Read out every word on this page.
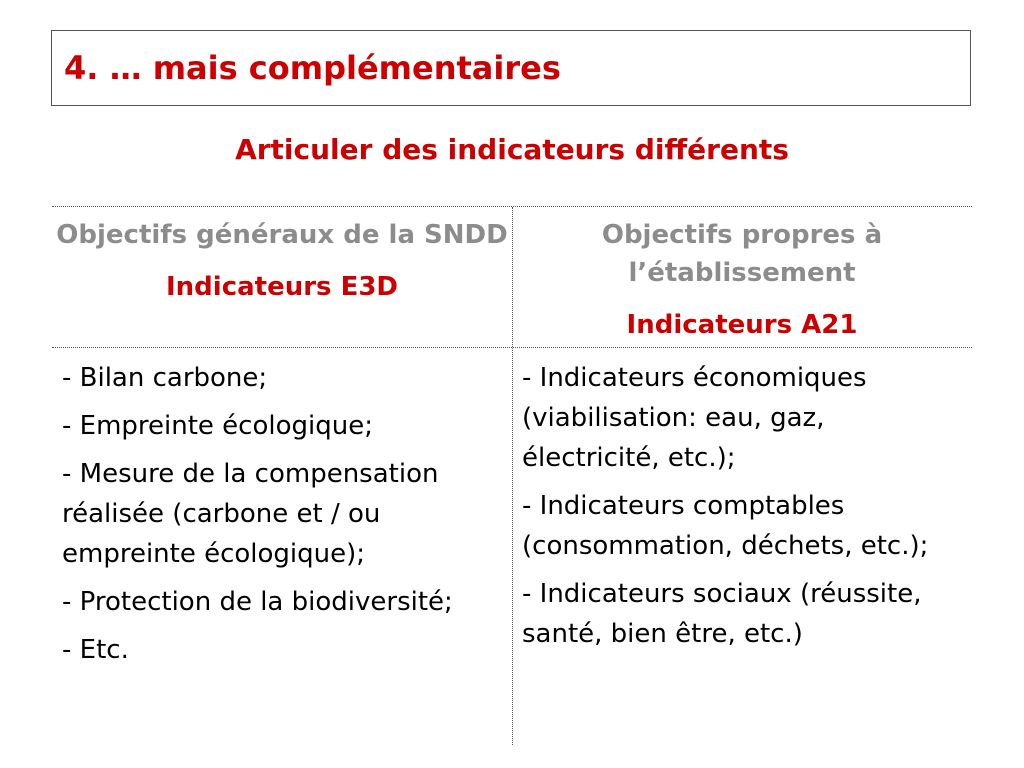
4. … mais complémentaires
Articuler des indicateurs différents
Objectifs généraux de la SNDD
Indicateurs E3D
Objectifs propres à l’établissement
Indicateurs A21
- Bilan carbone;
- Empreinte écologique;
- Mesure de la compensation réalisée (carbone et / ou empreinte écologique);
- Protection de la biodiversité;
- Etc.
- Indicateurs économiques (viabilisation: eau, gaz, électricité, etc.);
- Indicateurs comptables (consommation, déchets, etc.);
- Indicateurs sociaux (réussite, santé, bien être, etc.)
